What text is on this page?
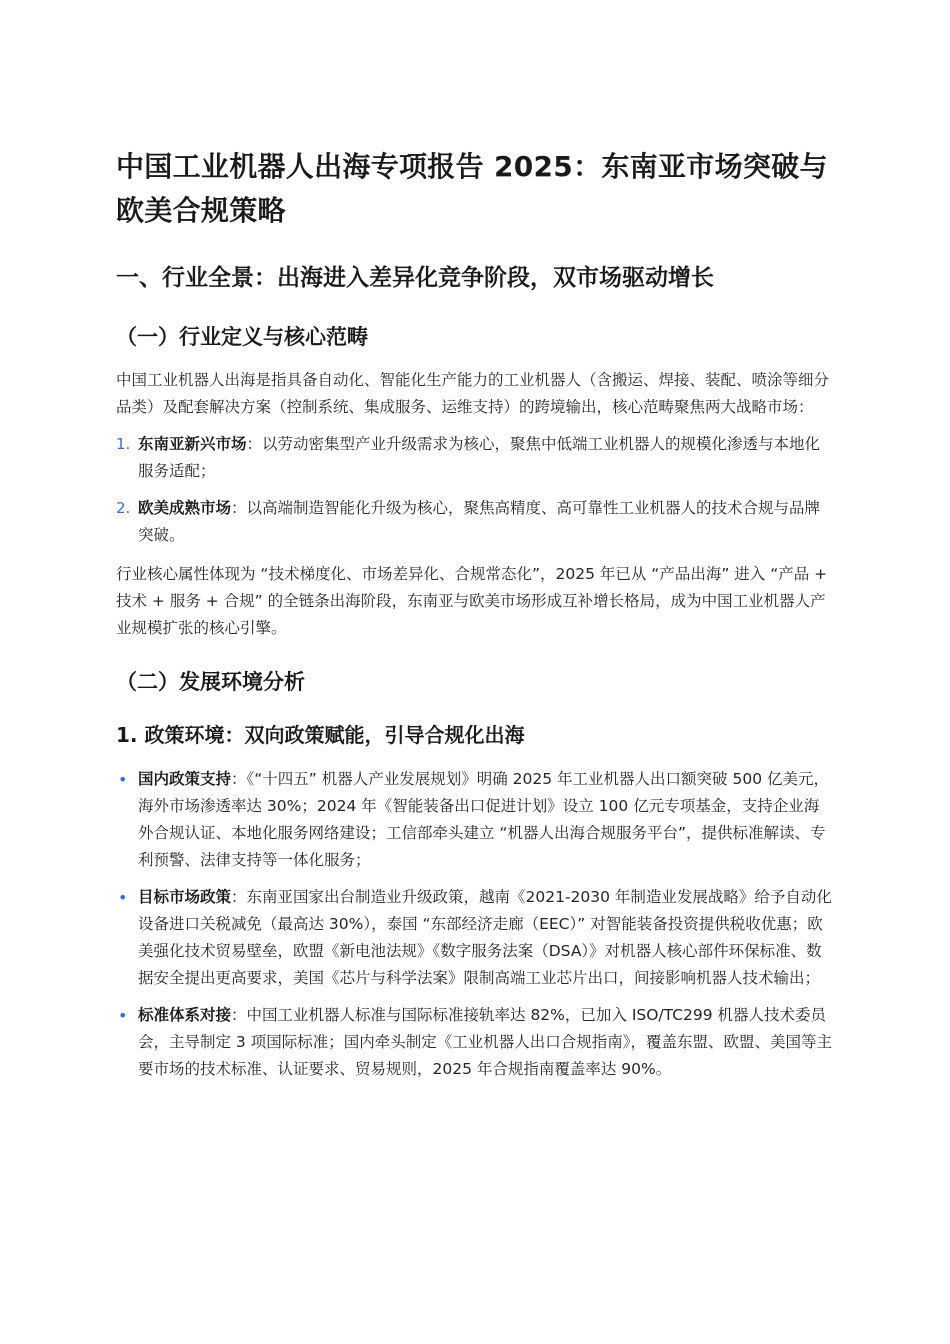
中国工业机器人出海专项报告 2025：东南亚市场突破与欧美合规策略
一、行业全景：出海进入差异化竞争阶段，双市场驱动增长
（一）行业定义与核心范畴

中国工业机器人出海是指具备自动化、智能化生产能力的工业机器人（含搬运、焊接、装配、喷涂等细分品类）及配套解决方案（控制系统、集成服务、运维支持）的跨境输出，核心范畴聚焦两大战略市场：

1. 东南亚新兴市场：以劳动密集型产业升级需求为核心，聚焦中低端工业机器人的规模化渗透与本地化服务适配；
2. 欧美成熟市场：以高端制造智能化升级为核心，聚焦高精度、高可靠性工业机器人的技术合规与品牌突破。

行业核心属性体现为 “技术梯度化、市场差异化、合规常态化”，2025 年已从 “产品出海” 进入 “产品 + 技术 + 服务 + 合规” 的全链条出海阶段，东南亚与欧美市场形成互补增长格局，成为中国工业机器人产业规模扩张的核心引擎。

（二）发展环境分析
1. 政策环境：双向政策赋能，引导合规化出海
• 国内政策支持：《“十四五” 机器人产业发展规划》明确 2025 年工业机器人出口额突破 500 亿美元，海外市场渗透率达 30%；2024 年《智能装备出口促进计划》设立 100 亿元专项基金，支持企业海外合规认证、本地化服务网络建设；工信部牵头建立 “机器人出海合规服务平台”，提供标准解读、专利预警、法律支持等一体化服务；
• 目标市场政策：东南亚国家出台制造业升级政策，越南《2021-2030 年制造业发展战略》给予自动化设备进口关税减免（最高达 30%），泰国 “东部经济走廊（EEC）” 对智能装备投资提供税收优惠；欧美强化技术贸易壁垒，欧盟《新电池法规》《数字服务法案（DSA）》对机器人核心部件环保标准、数据安全提出更高要求，美国《芯片与科学法案》限制高端工业芯片出口，间接影响机器人技术输出；
• 标准体系对接：中国工业机器人标准与国际标准接轨率达 82%，已加入 ISO/TC299 机器人技术委员会，主导制定 3 项国际标准；国内牵头制定《工业机器人出口合规指南》，覆盖东盟、欧盟、美国等主要市场的技术标准、认证要求、贸易规则，2025 年合规指南覆盖率达 90%。
